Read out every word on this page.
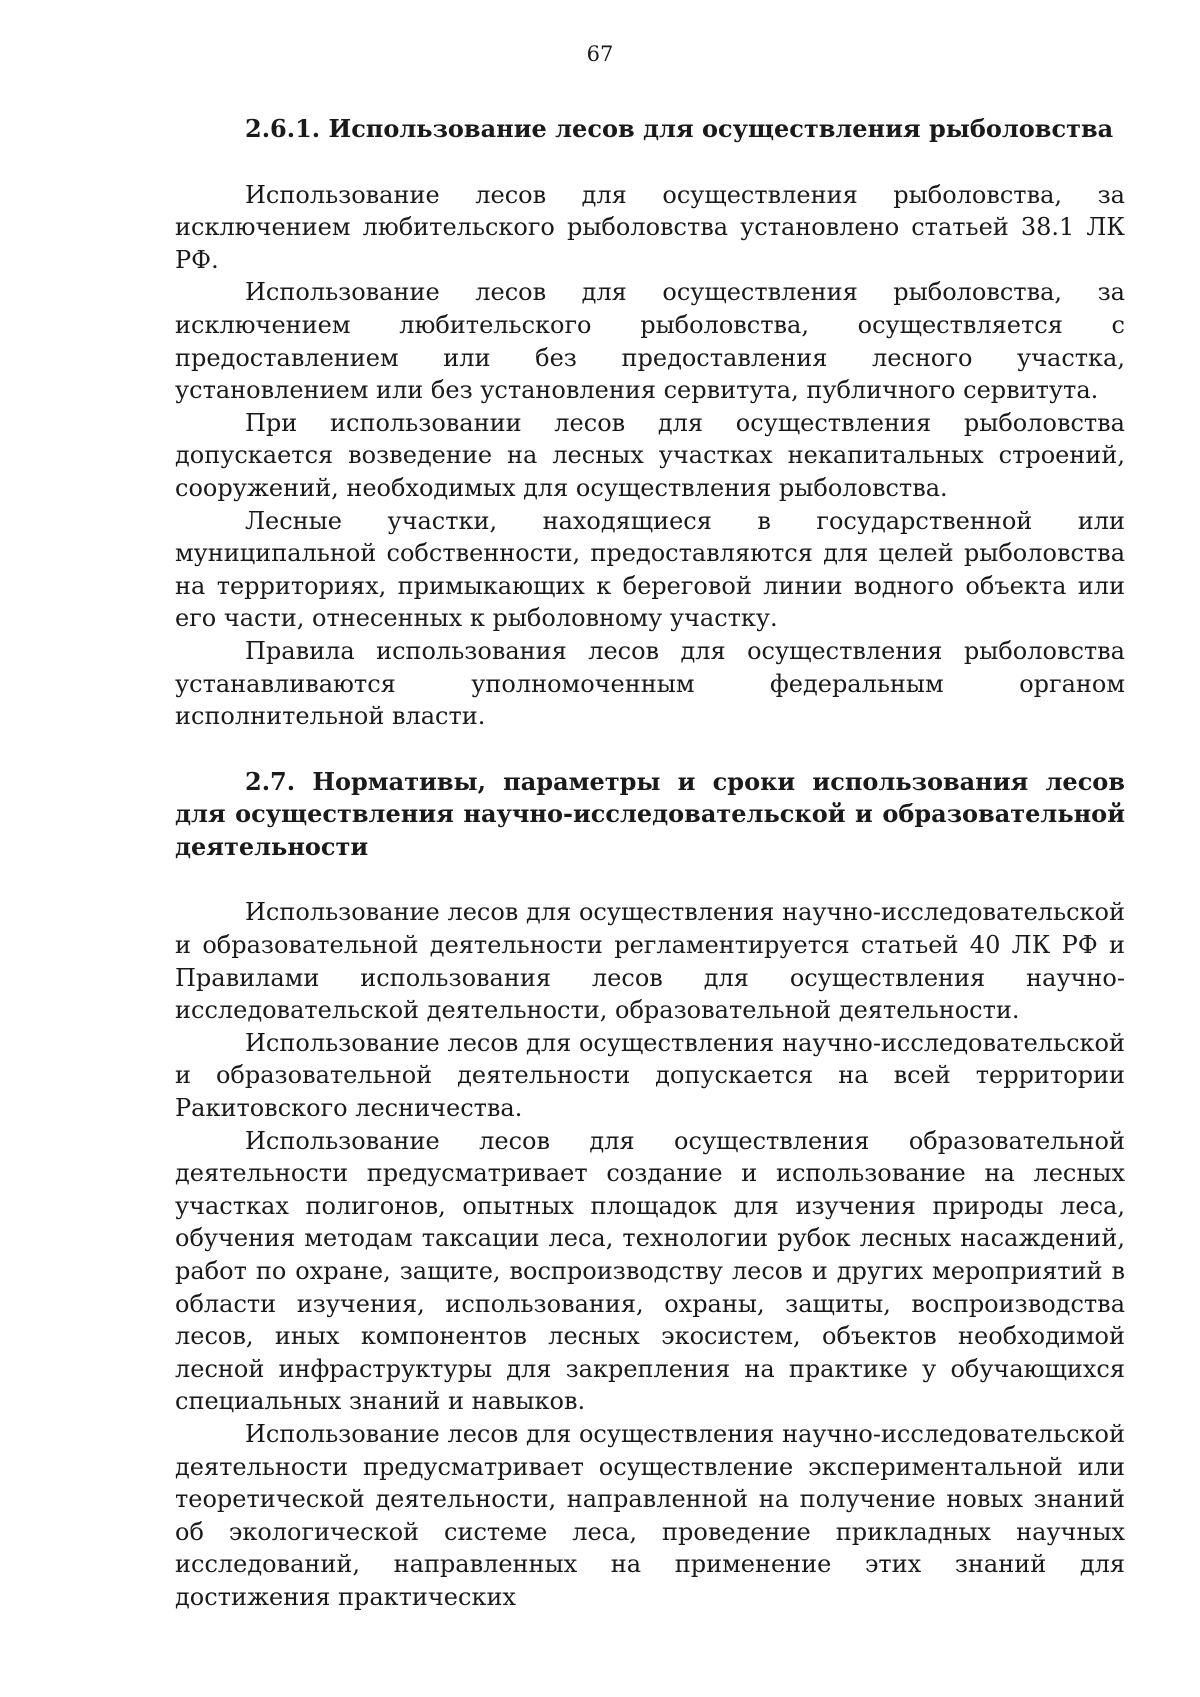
67

2.6.1. Использование лесов для осуществления рыболовства

Использование лесов для осуществления рыболовства, за исключением любительского рыболовства установлено статьей 38.1 ЛК РФ.

Использование лесов для осуществления рыболовства, за исключением любительского рыболовства, осуществляется с предоставлением или без предоставления лесного участка, установлением или без установления сервитута, публичного сервитута.

При использовании лесов для осуществления рыболовства допускается возведение на лесных участках некапитальных строений, сооружений, необходимых для осуществления рыболовства.

Лесные участки, находящиеся в государственной или муниципальной собственности, предоставляются для целей рыболовства на территориях, примыкающих к береговой линии водного объекта или его части, отнесенных к рыболовному участку.

Правила использования лесов для осуществления рыболовства устанавливаются уполномоченным федеральным органом исполнительной власти.

2.7. Нормативы, параметры и сроки использования лесов для осуществления научно-исследовательской и образовательной деятельности

Использование лесов для осуществления научно-исследовательской и образовательной деятельности регламентируется статьей 40 ЛК РФ и Правилами использования лесов для осуществления научно-исследовательской деятельности, образовательной деятельности.

Использование лесов для осуществления научно-исследовательской и образовательной деятельности допускается на всей территории Ракитовского лесничества.

Использование лесов для осуществления образовательной деятельности предусматривает создание и использование на лесных участках полигонов, опытных площадок для изучения природы леса, обучения методам таксации леса, технологии рубок лесных насаждений, работ по охране, защите, воспроизводству лесов и других мероприятий в области изучения, использования, охраны, защиты, воспроизводства лесов, иных компонентов лесных экосистем, объектов необходимой лесной инфраструктуры для закрепления на практике у обучающихся специальных знаний и навыков.

Использование лесов для осуществления научно-исследовательской деятельности предусматривает осуществление экспериментальной или теоретической деятельности, направленной на получение новых знаний об экологической системе леса, проведение прикладных научных исследований, направленных на применение этих знаний для достижения практических
